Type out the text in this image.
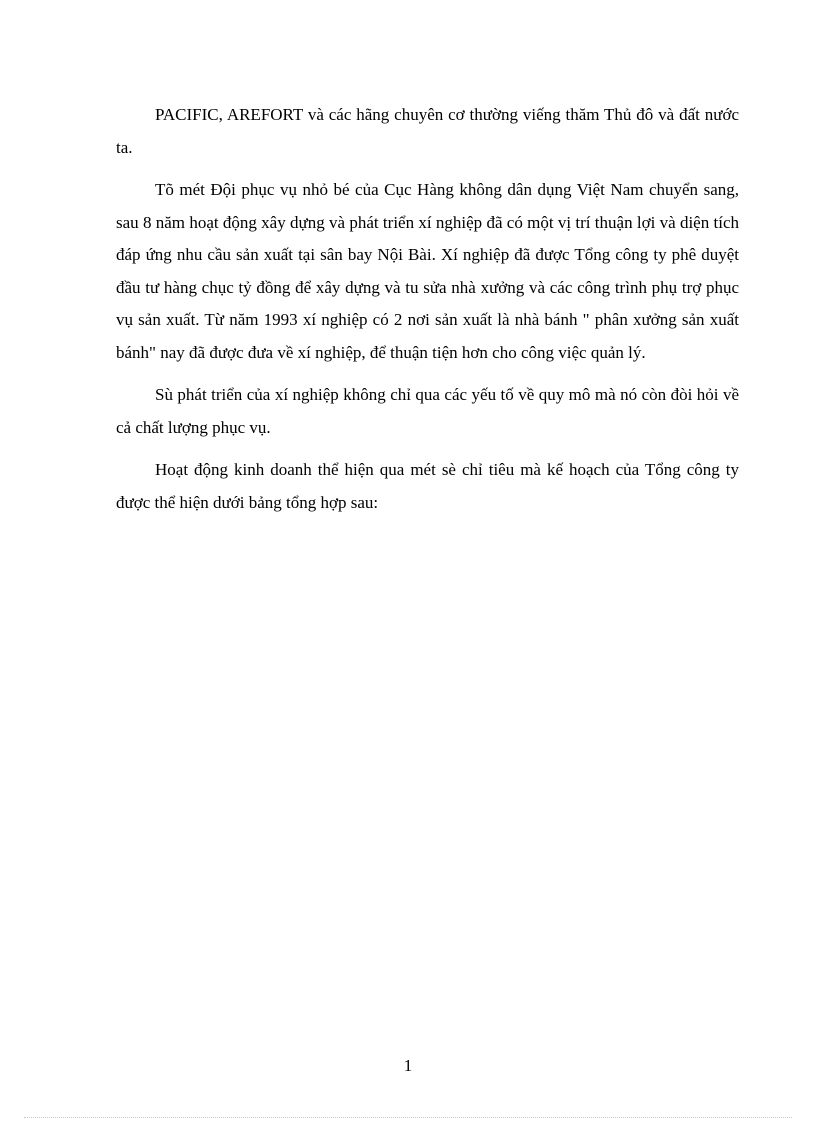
PACIFIC, AREFORT và các hãng chuyên cơ thường viếng thăm Thủ đô và đất nước ta.

Tõ mét Đội phục vụ nhỏ bé của Cục Hàng không dân dụng Việt Nam chuyển sang, sau 8 năm hoạt động xây dựng và phát triển xí nghiệp đã có một vị trí thuận lợi và diện tích đáp ứng nhu cầu sản xuất tại sân bay Nội Bài. Xí nghiệp đã được Tổng công ty phê duyệt đầu tư hàng chục tỷ đồng để xây dựng và tu sửa nhà xưởng và các công trình phụ trợ phục vụ sản xuất. Từ năm 1993 xí nghiệp có 2 nơi sản xuất là nhà bánh " phân xưởng sản xuất bánh" nay đã được đưa về xí nghiệp, để thuận tiện hơn cho công việc quản lý.

Sù phát triển của xí nghiệp không chỉ qua các yếu tố về quy mô mà nó còn đòi hỏi về cả chất lượng phục vụ.

Hoạt động kinh doanh thể hiện qua mét sè chỉ tiêu mà kế hoạch của Tổng công ty được thể hiện dưới bảng tổng hợp sau:

1
